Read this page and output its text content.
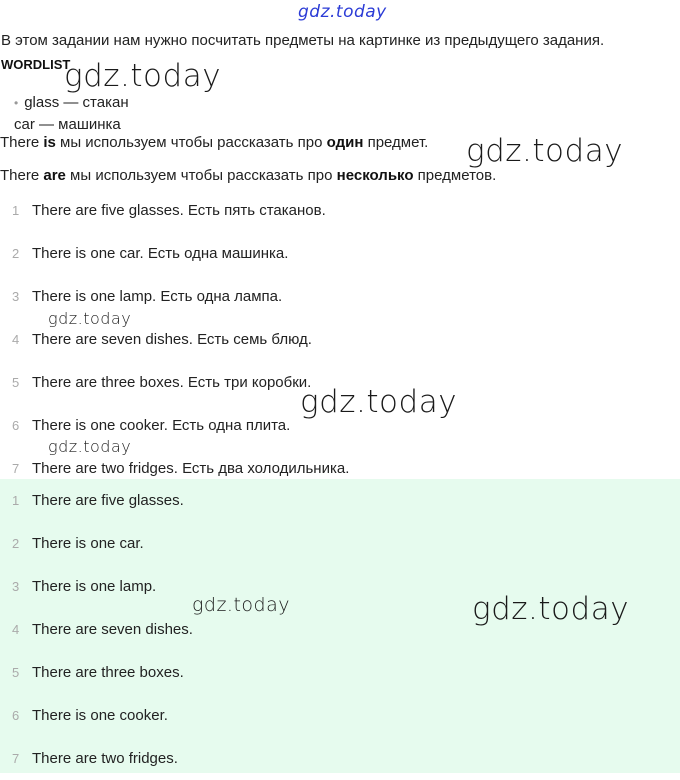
gdz.today

В этом задании нам нужно посчитать предметы на картинке из предыдущего задания.

WORDLIST
• glass — стакан
car — машинка

There is мы используем чтобы рассказать про один предмет.

There are мы используем чтобы рассказать про несколько предметов.

1 There are five glasses. Есть пять стаканов.
2 There is one car. Есть одна машинка.
3 There is one lamp. Есть одна лампа.
4 There are seven dishes. Есть семь блюд.
5 There are three boxes. Есть три коробки.
6 There is one cooker. Есть одна плита.
7 There are two fridges. Есть два холодильника.
1 There are five glasses.
2 There is one car.
3 There is one lamp.
4 There are seven dishes.
5 There are three boxes.
6 There is one cooker.
7 There are two fridges.
gdz.today
gdz.today
gdz.today
gdz.today
gdz.today
gdz.today	gdz.today
